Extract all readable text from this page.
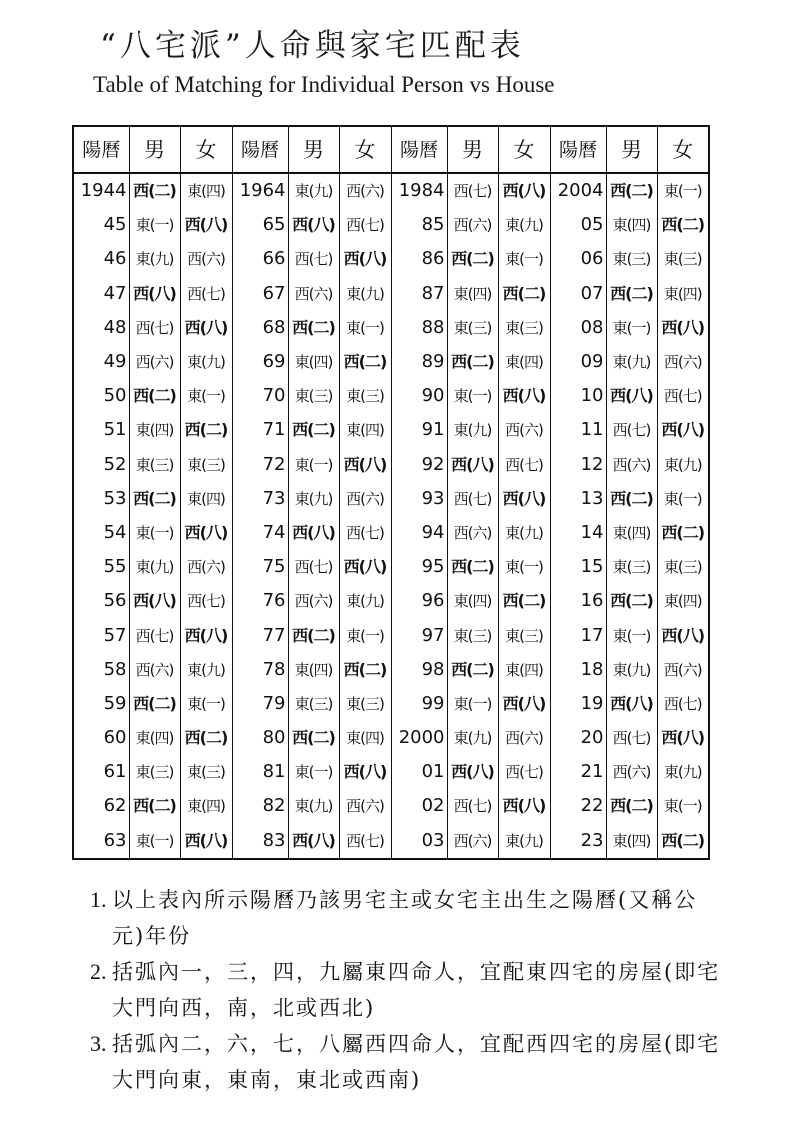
“八宅派”人命與家宅匹配表
Table of Matching for Individual Person vs House
陽曆	男	女	陽曆	男	女	陽曆	男	女	陽曆	男	女
1944	西(二)	東(四)	1964	東(九)	西(六)	1984	西(七)	西(八)	2004	西(二)	東(一)
45	東(一)	西(八)	65	西(八)	西(七)	85	西(六)	東(九)	05	東(四)	西(二)
46	東(九)	西(六)	66	西(七)	西(八)	86	西(二)	東(一)	06	東(三)	東(三)
47	西(八)	西(七)	67	西(六)	東(九)	87	東(四)	西(二)	07	西(二)	東(四)
48	西(七)	西(八)	68	西(二)	東(一)	88	東(三)	東(三)	08	東(一)	西(八)
49	西(六)	東(九)	69	東(四)	西(二)	89	西(二)	東(四)	09	東(九)	西(六)
50	西(二)	東(一)	70	東(三)	東(三)	90	東(一)	西(八)	10	西(八)	西(七)
51	東(四)	西(二)	71	西(二)	東(四)	91	東(九)	西(六)	11	西(七)	西(八)
52	東(三)	東(三)	72	東(一)	西(八)	92	西(八)	西(七)	12	西(六)	東(九)
53	西(二)	東(四)	73	東(九)	西(六)	93	西(七)	西(八)	13	西(二)	東(一)
54	東(一)	西(八)	74	西(八)	西(七)	94	西(六)	東(九)	14	東(四)	西(二)
55	東(九)	西(六)	75	西(七)	西(八)	95	西(二)	東(一)	15	東(三)	東(三)
56	西(八)	西(七)	76	西(六)	東(九)	96	東(四)	西(二)	16	西(二)	東(四)
57	西(七)	西(八)	77	西(二)	東(一)	97	東(三)	東(三)	17	東(一)	西(八)
58	西(六)	東(九)	78	東(四)	西(二)	98	西(二)	東(四)	18	東(九)	西(六)
59	西(二)	東(一)	79	東(三)	東(三)	99	東(一)	西(八)	19	西(八)	西(七)
60	東(四)	西(二)	80	西(二)	東(四)	2000	東(九)	西(六)	20	西(七)	西(八)
61	東(三)	東(三)	81	東(一)	西(八)	01	西(八)	西(七)	21	西(六)	東(九)
62	西(二)	東(四)	82	東(九)	西(六)	02	西(七)	西(八)	22	西(二)	東(一)
63	東(一)	西(八)	83	西(八)	西(七)	03	西(六)	東(九)	23	東(四)	西(二)
1. 以上表內所示陽曆乃該男宅主或女宅主出生之陽曆(又稱公元)年份
2. 括弧內一，三，四，九屬東四命人，宜配東四宅的房屋(即宅大門向西，南，北或西北)
3. 括弧內二，六，七，八屬西四命人，宜配西四宅的房屋(即宅大門向東，東南，東北或西南)
